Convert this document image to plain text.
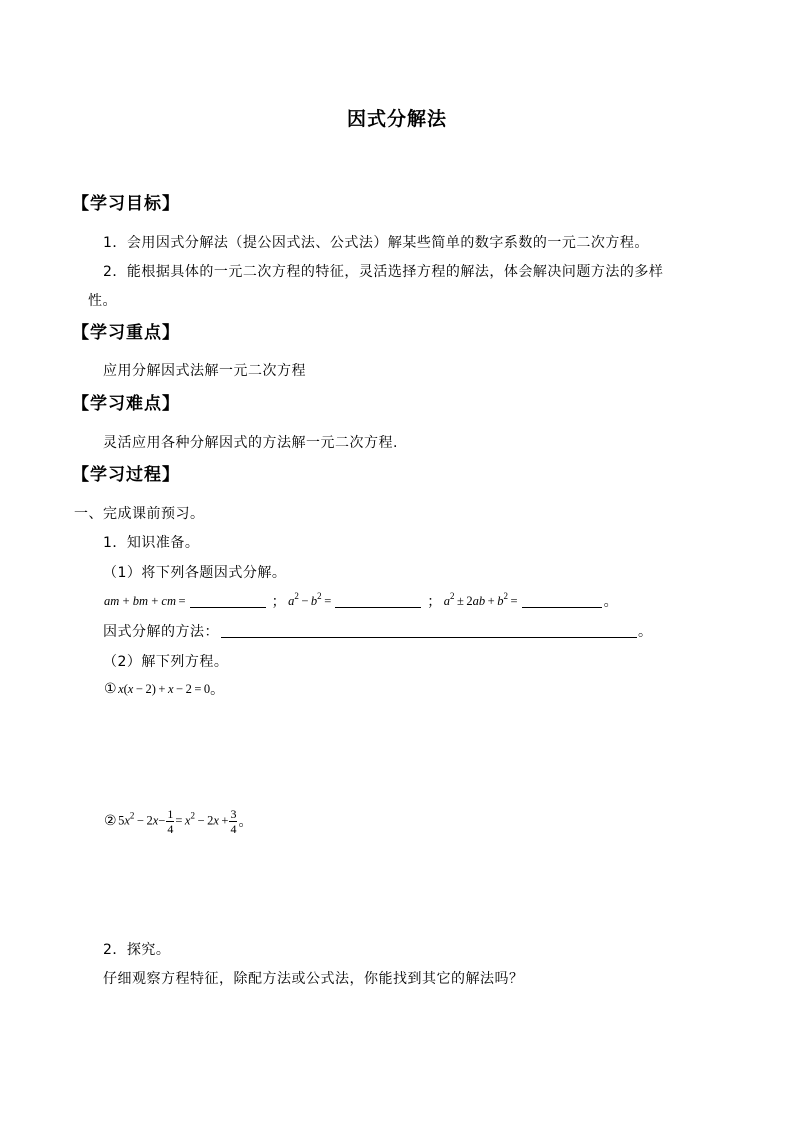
因式分解法
【学习目标】
1．会用因式分解法（提公因式法、公式法）解某些简单的数字系数的一元二次方程。
2．能根据具体的一元二次方程的特征，灵活选择方程的解法，体会解决问题方法的多样
性。
【学习重点】
应用分解因式法解一元二次方程
【学习难点】
灵活应用各种分解因式的方法解一元二次方程.
【学习过程】
一、完成课前预习。
1．知识准备。
（1）将下列各题因式分解。
am + bm + cm =	； $a^2 - b^2$  =	； $a^2 \pm 2ab + b^2$  =	。
因式分解的方法：	。
（2）解下列方程。
① x(x −  2)  + x −  2  =  0 。
② $5x^2 - 2x- \frac{1}{4} = x^2 - 2x + \frac{3}{4}$ 。
2．探究。
仔细观察方程特征，除配方法或公式法，你能找到其它的解法吗？
